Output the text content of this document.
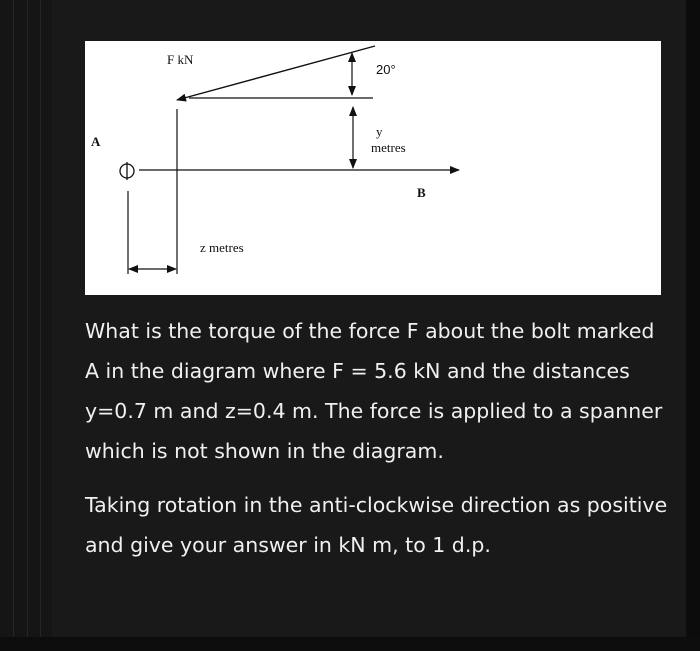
F kN
20°
y
metres
A
B
z metres

What is the torque of the force F about the bolt marked A in the diagram where F = 5.6 kN and the distances y=0.7 m and z=0.4 m. The force is applied to a spanner which is not shown in the diagram.

Taking rotation in the anti-clockwise direction as positive and give your answer in kN m, to 1 d.p.
